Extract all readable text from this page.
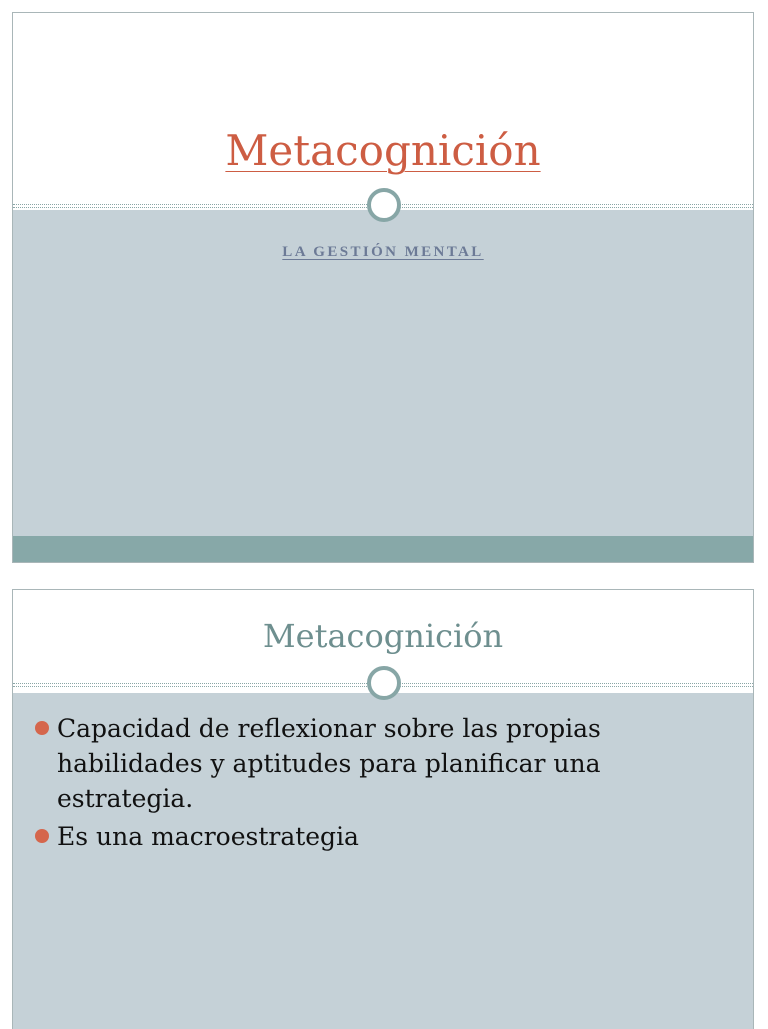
Metacognición
LA GESTIÓN MENTAL
Metacognición
Capacidad de reflexionar sobre las propias habilidades y aptitudes para planificar una estrategia.
Es una macroestrategia
